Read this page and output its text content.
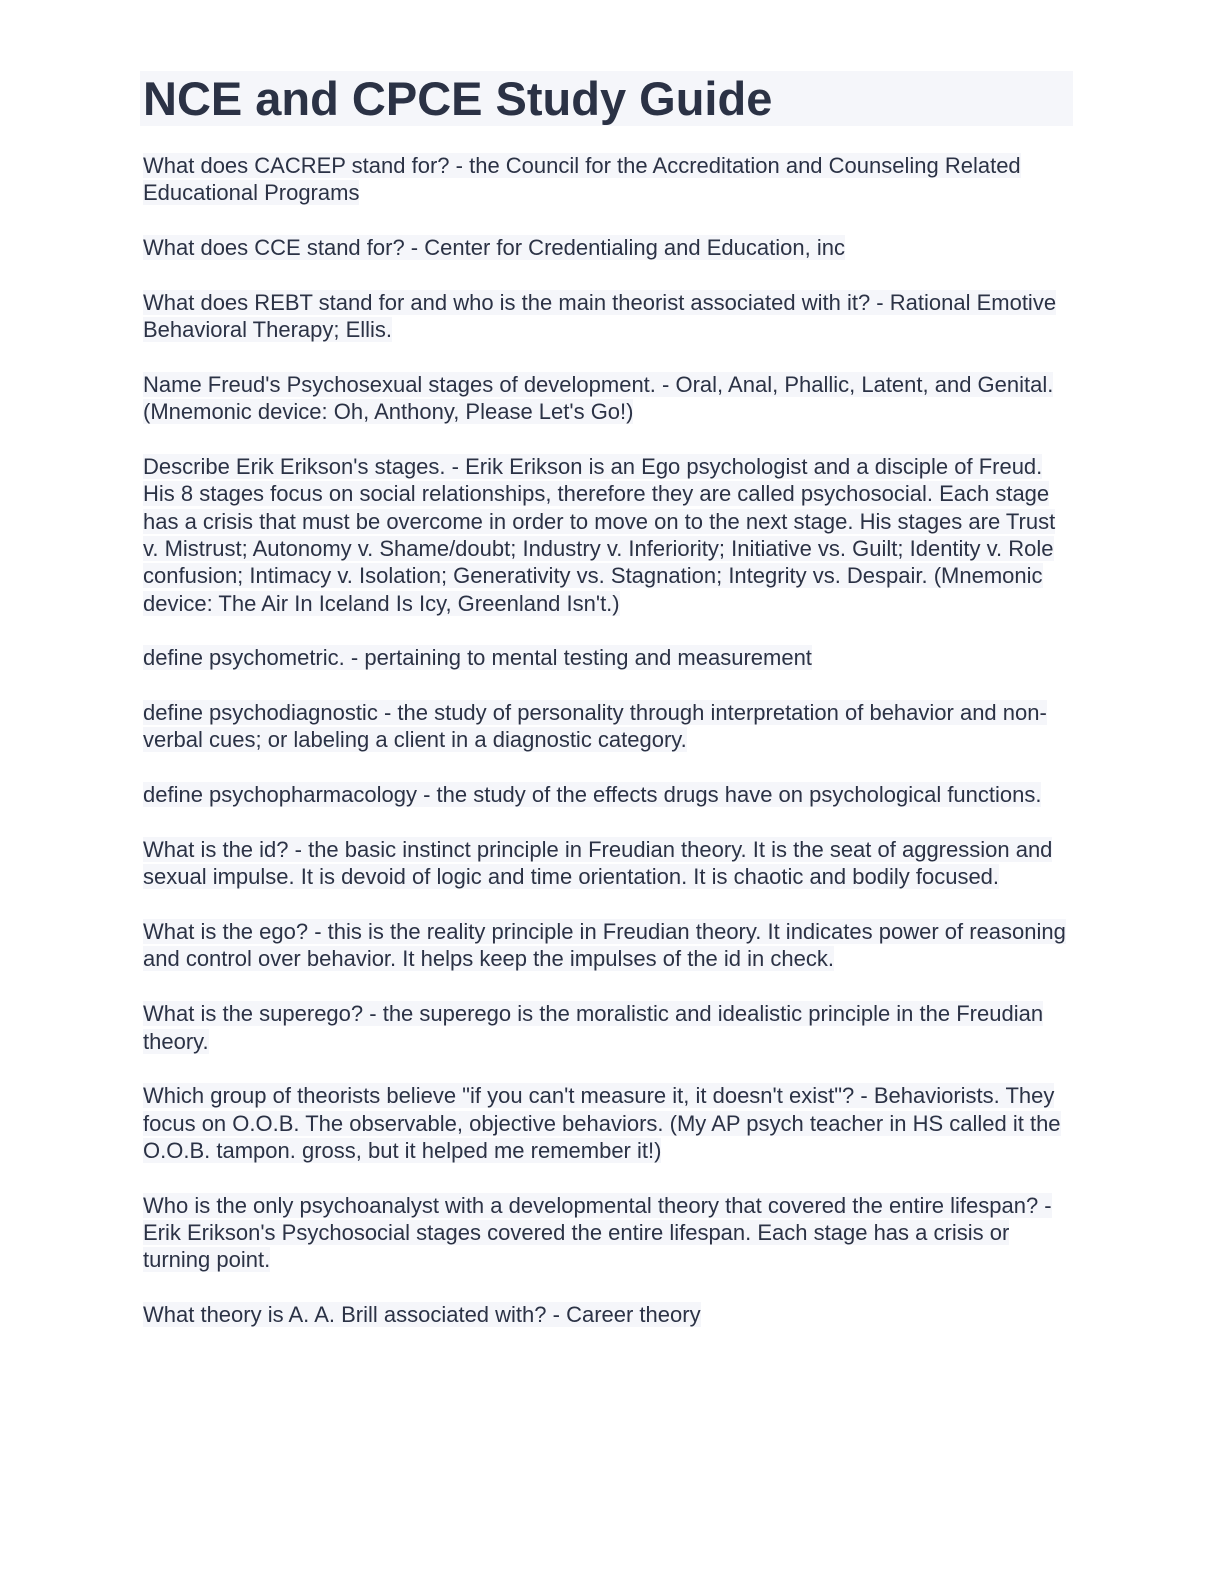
NCE and CPCE Study Guide

What does CACREP stand for? - the Council for the Accreditation and Counseling Related Educational Programs

What does CCE stand for? - Center for Credentialing and Education, inc

What does REBT stand for and who is the main theorist associated with it? - Rational Emotive Behavioral Therapy; Ellis.

Name Freud's Psychosexual stages of development. - Oral, Anal, Phallic, Latent, and Genital. (Mnemonic device: Oh, Anthony, Please Let's Go!)

Describe Erik Erikson's stages. - Erik Erikson is an Ego psychologist and a disciple of Freud. His 8 stages focus on social relationships, therefore they are called psychosocial. Each stage has a crisis that must be overcome in order to move on to the next stage. His stages are Trust v. Mistrust; Autonomy v. Shame/doubt; Industry v. Inferiority; Initiative vs. Guilt; Identity v. Role confusion; Intimacy v. Isolation; Generativity vs. Stagnation; Integrity vs. Despair. (Mnemonic device: The Air In Iceland Is Icy, Greenland Isn't.)

define psychometric. - pertaining to mental testing and measurement

define psychodiagnostic - the study of personality through interpretation of behavior and non-verbal cues; or labeling a client in a diagnostic category.

define psychopharmacology - the study of the effects drugs have on psychological functions.

What is the id? - the basic instinct principle in Freudian theory. It is the seat of aggression and sexual impulse. It is devoid of logic and time orientation. It is chaotic and bodily focused.

What is the ego? - this is the reality principle in Freudian theory. It indicates power of reasoning and control over behavior. It helps keep the impulses of the id in check.

What is the superego? - the superego is the moralistic and idealistic principle in the Freudian theory.

Which group of theorists believe "if you can't measure it, it doesn't exist"? - Behaviorists. They focus on O.O.B. The observable, objective behaviors. (My AP psych teacher in HS called it the O.O.B. tampon. gross, but it helped me remember it!)

Who is the only psychoanalyst with a developmental theory that covered the entire lifespan? - Erik Erikson's Psychosocial stages covered the entire lifespan. Each stage has a crisis or turning point.

What theory is A. A. Brill associated with? - Career theory
